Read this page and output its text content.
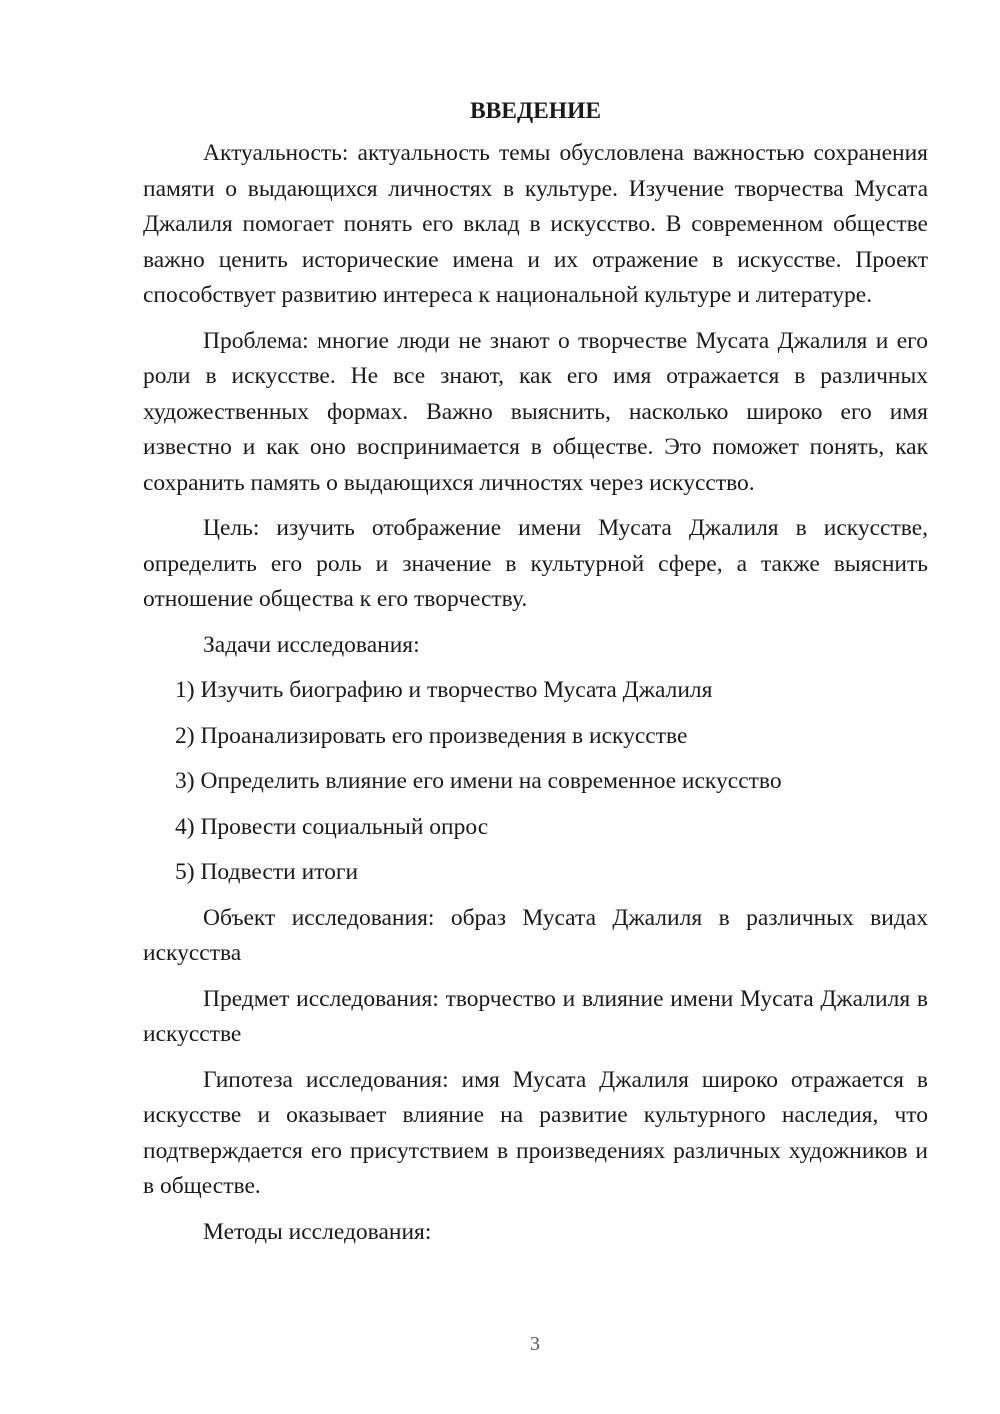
ВВЕДЕНИЕ

Актуальность: актуальность темы обусловлена важностью сохранения памяти о выдающихся личностях в культуре. Изучение творчества Мусата Джалиля помогает понять его вклад в искусство. В современном обществе важно ценить исторические имена и их отражение в искусстве. Проект способствует развитию интереса к национальной культуре и литературе.

Проблема: многие люди не знают о творчестве Мусата Джалиля и его роли в искусстве. Не все знают, как его имя отражается в различных художественных формах. Важно выяснить, насколько широко его имя известно и как оно воспринимается в обществе. Это поможет понять, как сохранить память о выдающихся личностях через искусство.

Цель: изучить отображение имени Мусата Джалиля в искусстве, определить его роль и значение в культурной сфере, а также выяснить отношение общества к его творчеству.

Задачи исследования:

1) Изучить биографию и творчество Мусата Джалиля
2) Проанализировать его произведения в искусстве
3) Определить влияние его имени на современное искусство
4) Провести социальный опрос
5) Подвести итоги

Объект исследования: образ Мусата Джалиля в различных видах искусства

Предмет исследования: творчество и влияние имени Мусата Джалиля в искусстве

Гипотеза исследования: имя Мусата Джалиля широко отражается в искусстве и оказывает влияние на развитие культурного наследия, что подтверждается его присутствием в произведениях различных художников и в обществе.

Методы исследования:

3
